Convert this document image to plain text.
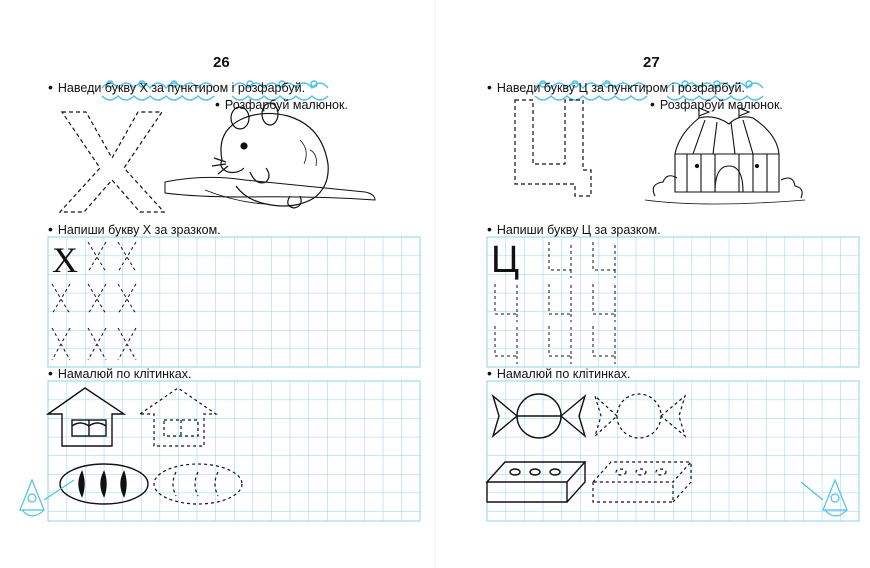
26
• Наведи букву Х за пунктиром і розфарбуй.
• Розфарбуй малюнок.
• Напиши букву Х за зразком.
Х
• Намалюй по клітинках.
27
• Наведи букву Ц за пунктиром і розфарбуй.
• Розфарбуй малюнок.
• Напиши букву Ц за зразком.
Ц
• Намалюй по клітинках.
